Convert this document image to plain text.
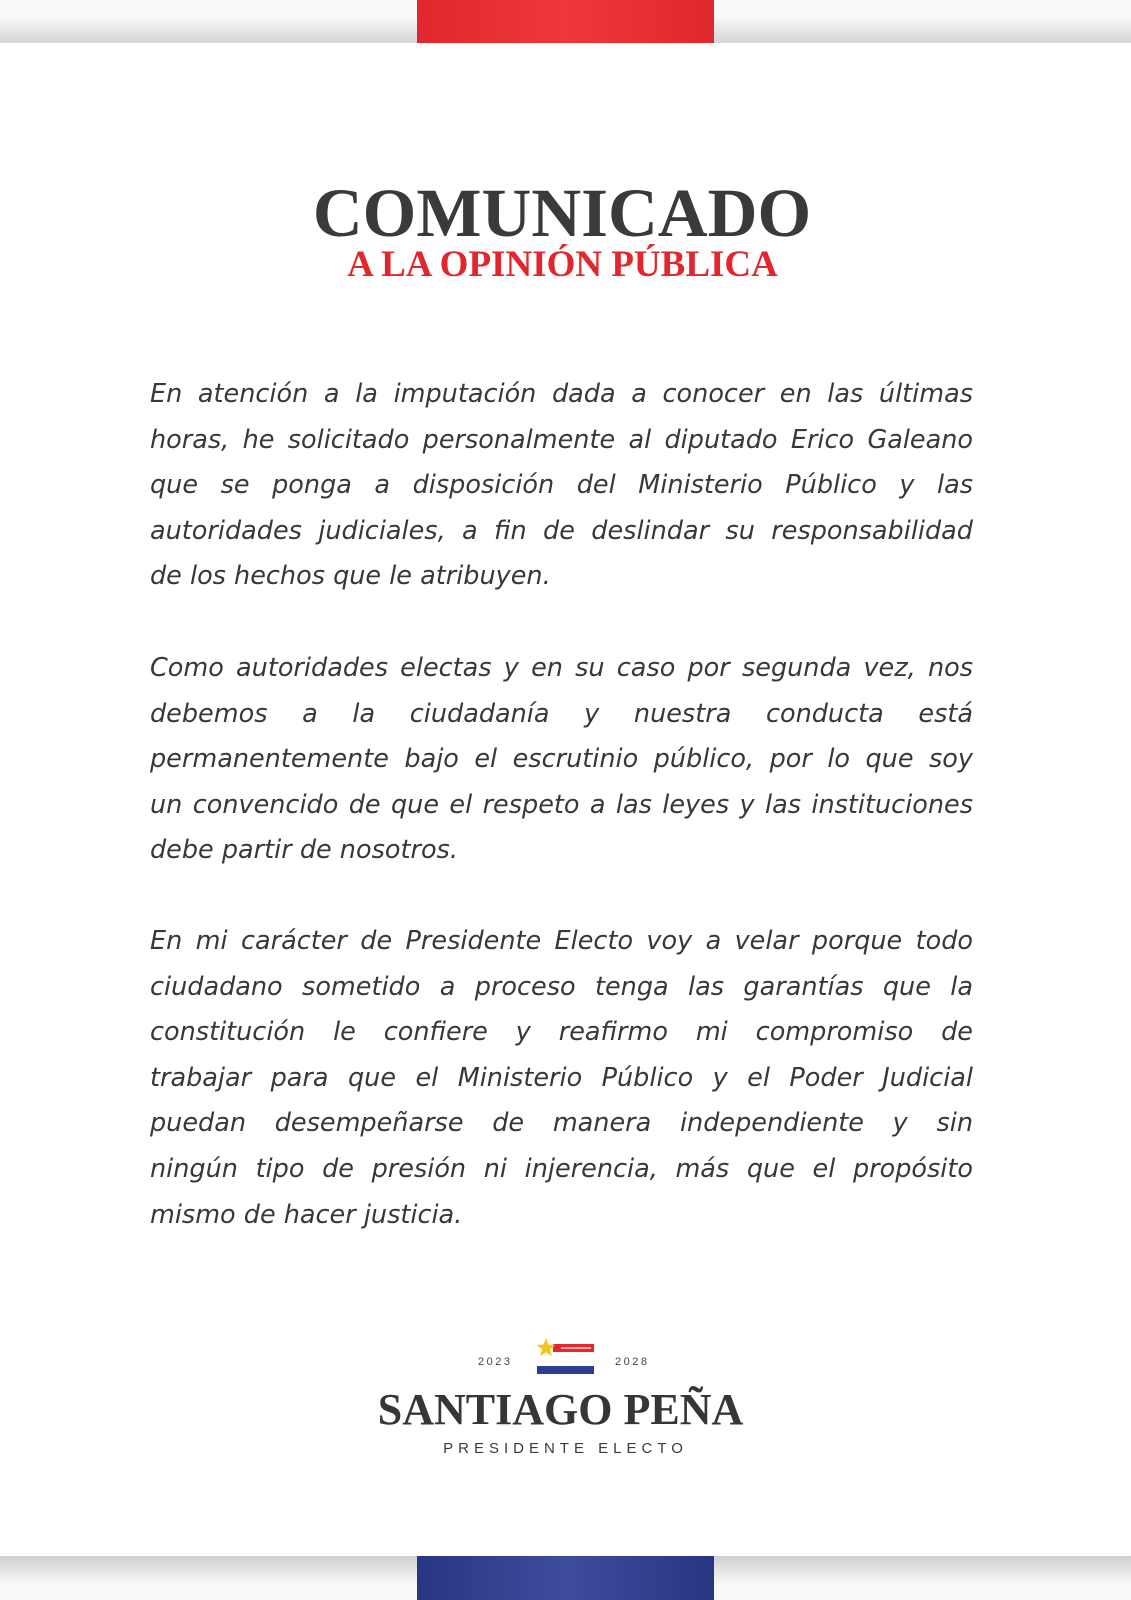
COMUNICADO
A LA OPINIÓN PÚBLICA
En atención a la imputación dada a conocer en las últimas
horas, he solicitado personalmente al diputado Erico Galeano
que se ponga a disposición del Ministerio Público y las
autoridades judiciales, a fin de deslindar su responsabilidad
de los hechos que le atribuyen.
Como autoridades electas y en su caso por segunda vez, nos
debemos a la ciudadanía y nuestra conducta está
permanentemente bajo el escrutinio público, por lo que soy
un convencido de que el respeto a las leyes y las instituciones
debe partir de nosotros.
En mi carácter de Presidente Electo voy a velar porque todo
ciudadano sometido a proceso tenga las garantías que la
constitución le confiere y reafirmo mi compromiso de
trabajar para que el Ministerio Público y el Poder Judicial
puedan desempeñarse de manera independiente y sin
ningún tipo de presión ni injerencia, más que el propósito
mismo de hacer justicia.
2023	2028
SANTIAGO PEÑA
PRESIDENTE ELECTO
